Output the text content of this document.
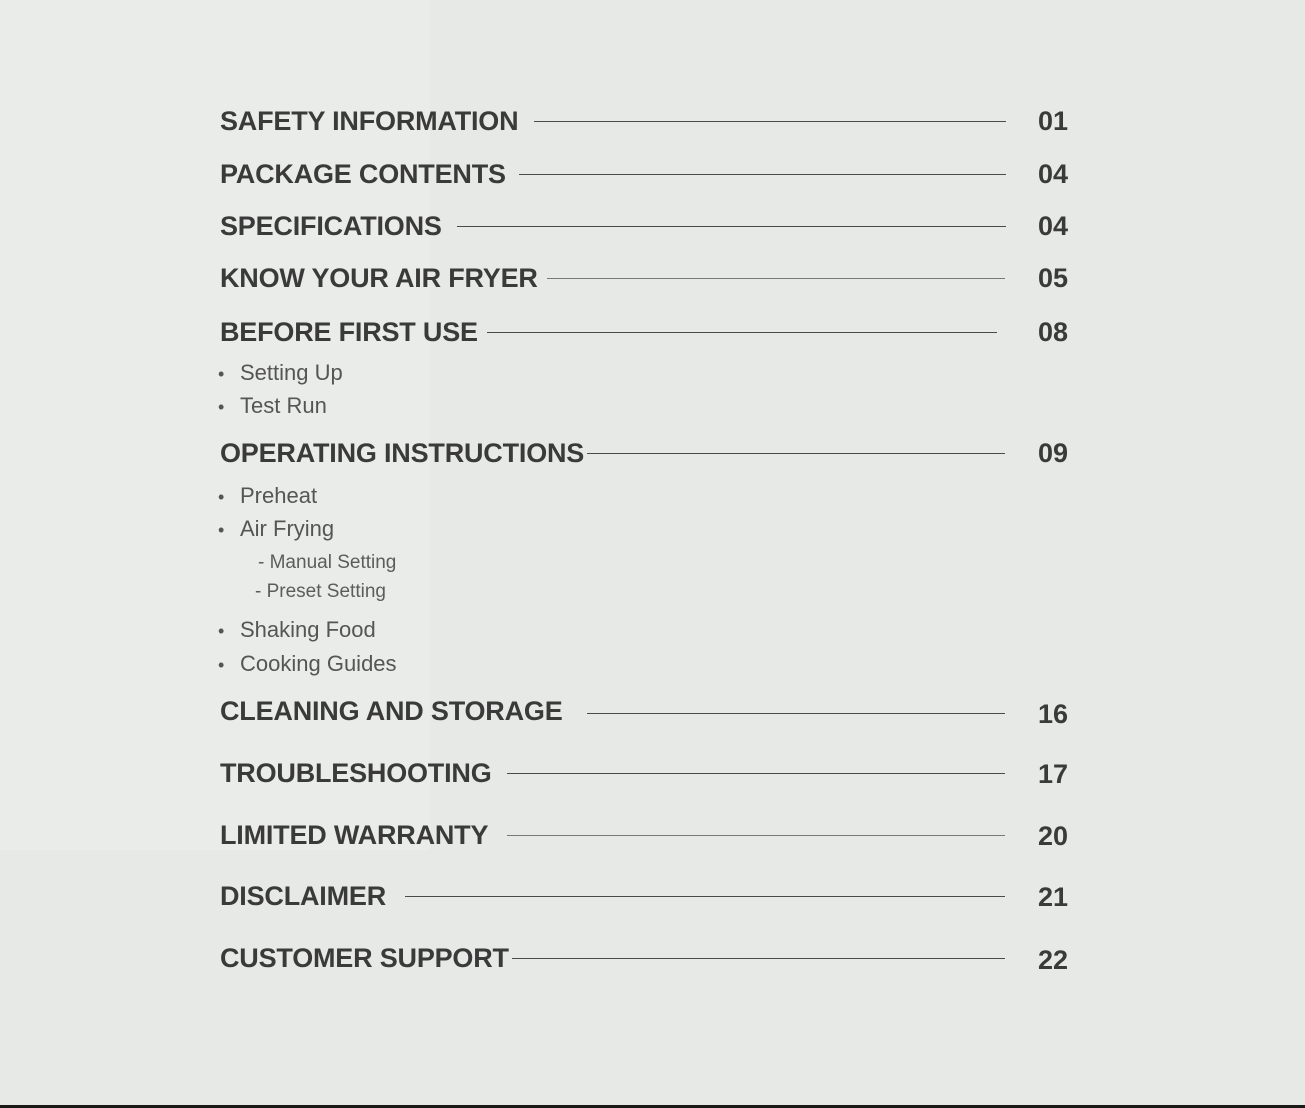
SAFETY INFORMATION	01
PACKAGE CONTENTS	04
SPECIFICATIONS	04
KNOW YOUR AIR FRYER	05
BEFORE FIRST USE	08
• Setting Up
• Test Run
OPERATING INSTRUCTIONS	09
• Preheat
• Air Frying
- Manual Setting
- Preset Setting
• Shaking Food
• Cooking Guides
CLEANING AND STORAGE	16
TROUBLESHOOTING	17
LIMITED WARRANTY	20
DISCLAIMER	21
CUSTOMER SUPPORT	22
